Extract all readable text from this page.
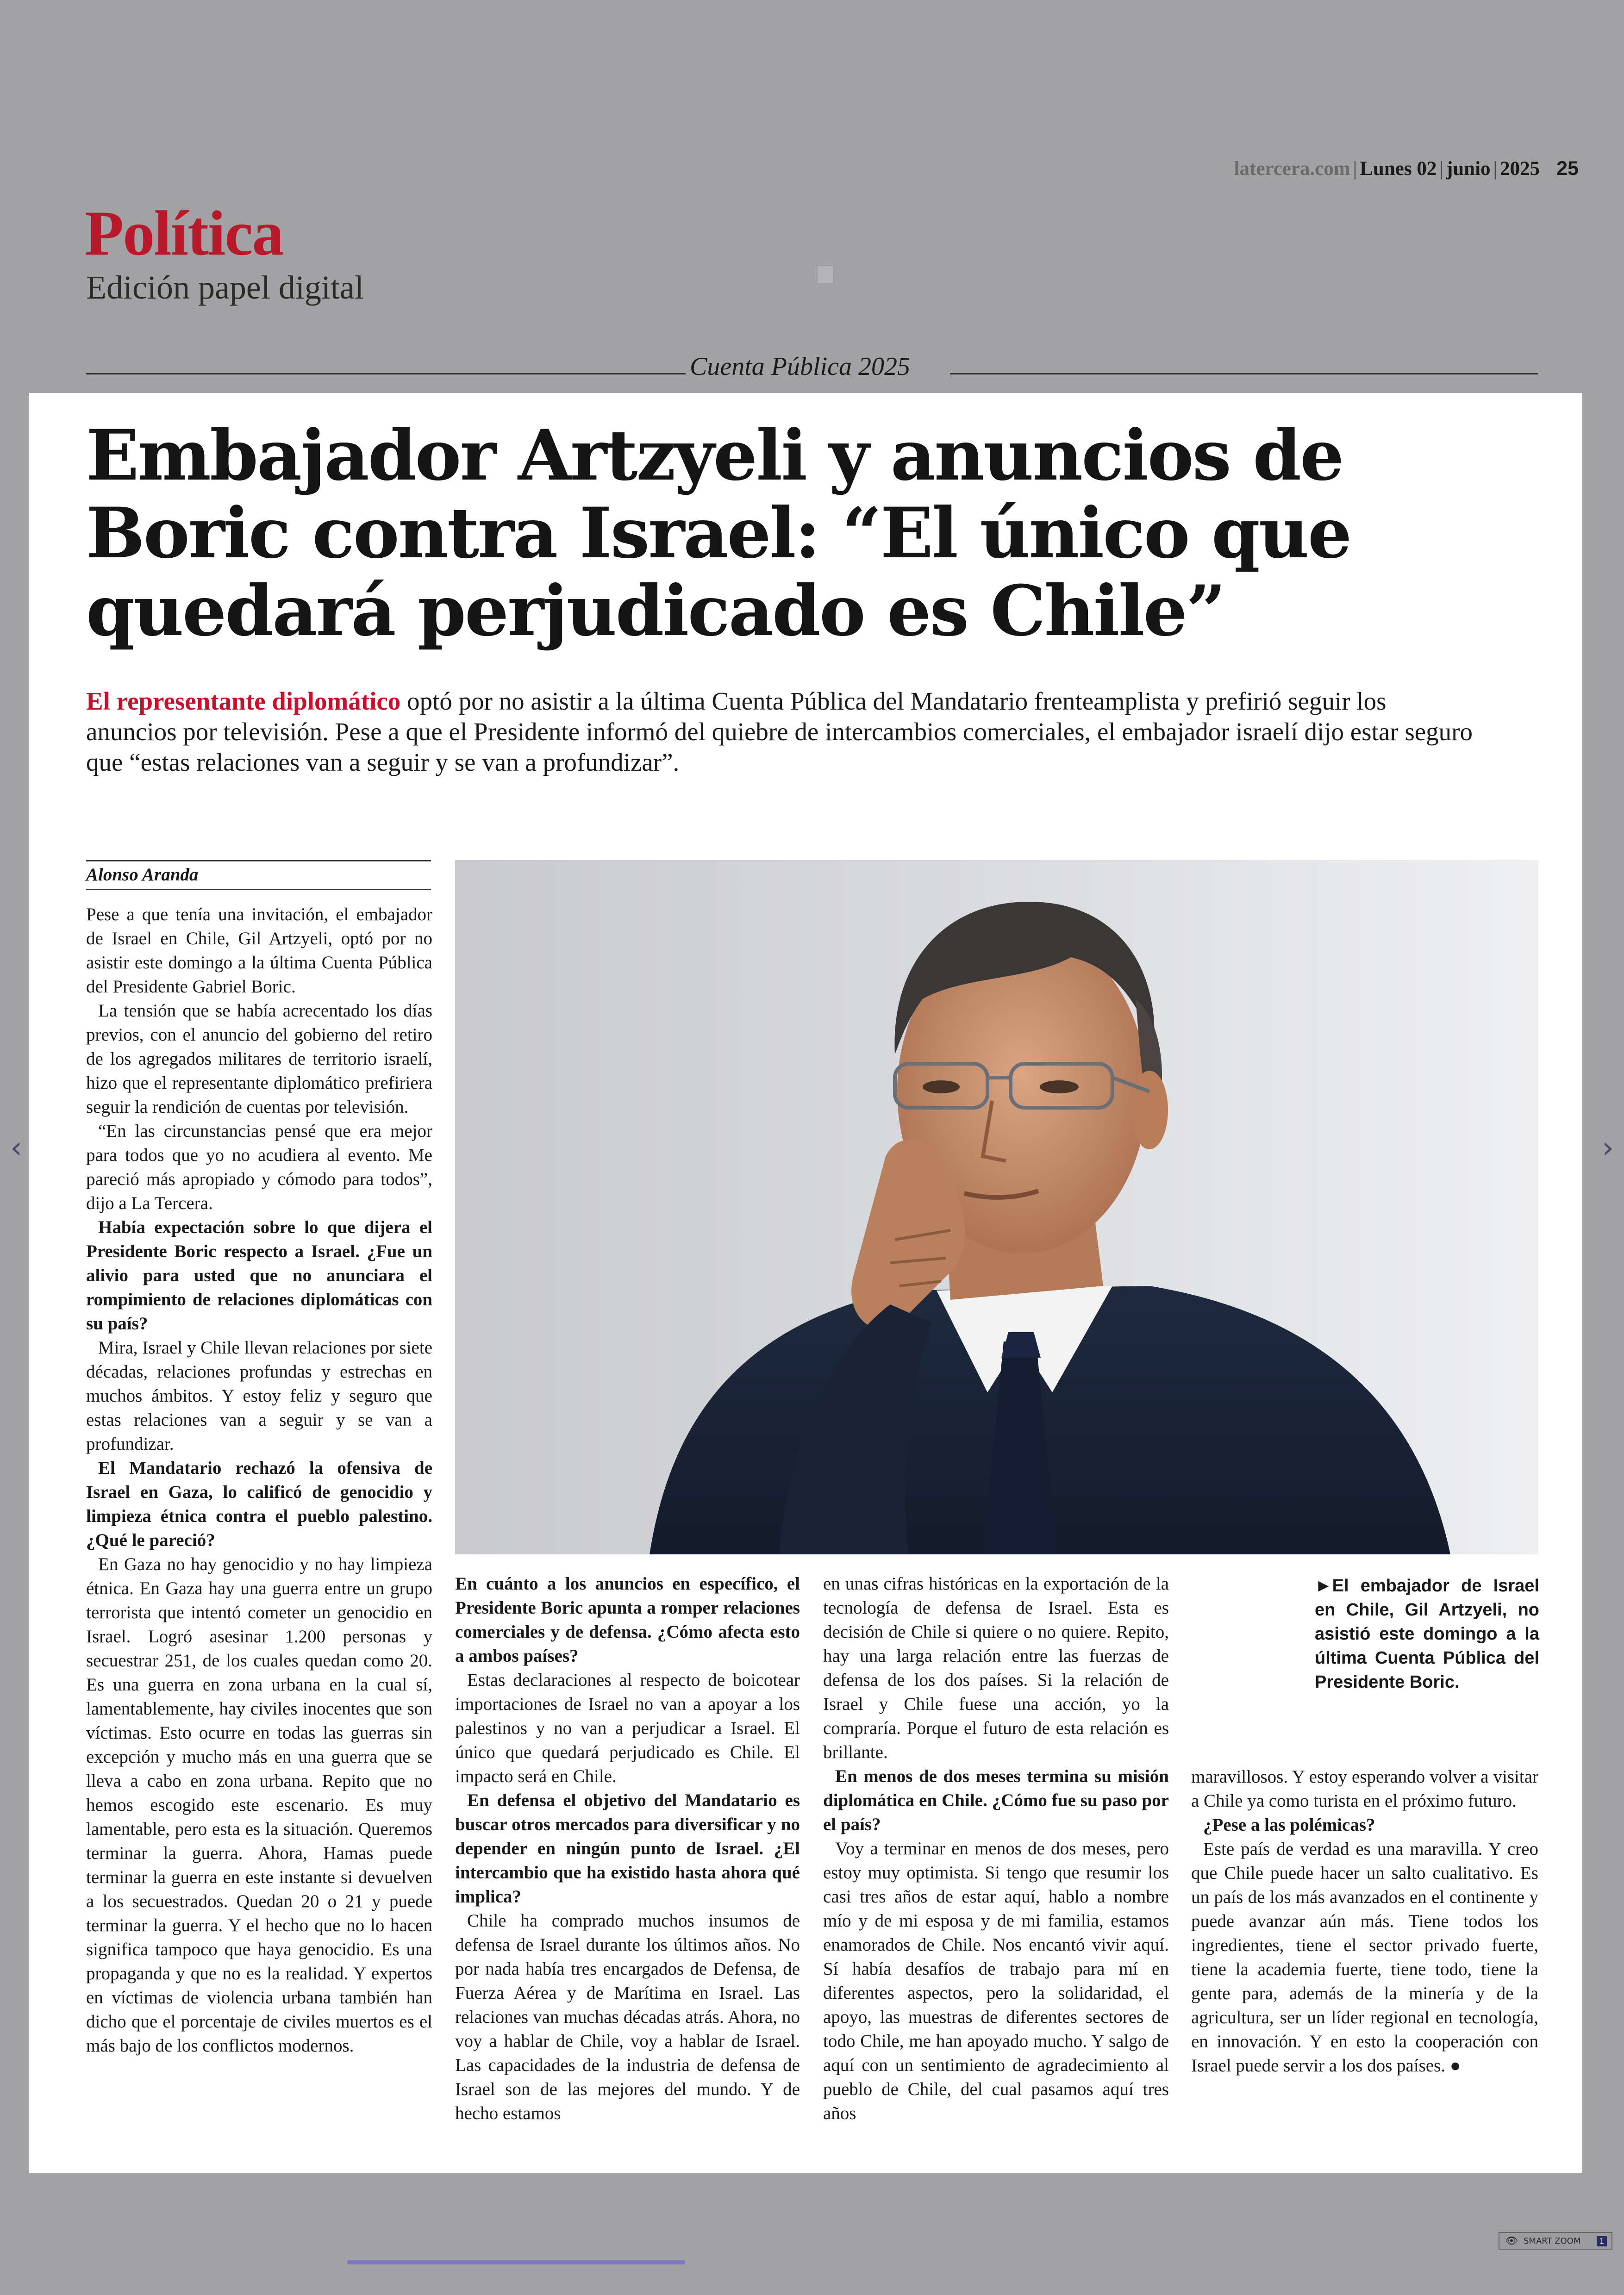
latercera.com | Lunes 02 | junio | 2025 25
Política
Edición papel digital
Cuenta Pública 2025
Embajador Artzyeli y anuncios de Boric contra Israel: “El único que quedará perjudicado es Chile”

El representante diplomático optó por no asistir a la última Cuenta Pública del Mandatario frenteamplista y prefirió seguir los anuncios por televisión. Pese a que el Presidente informó del quiebre de intercambios comerciales, el embajador israelí dijo estar seguro que “estas relaciones van a seguir y se van a profundizar”.

Alonso Aranda

Pese a que tenía una invitación, el embajador de Israel en Chile, Gil Artzyeli, optó por no asistir este domingo a la última Cuenta Pública del Presidente Gabriel Boric.

La tensión que se había acrecentado los días previos, con el anuncio del gobierno del retiro de los agregados militares de territorio israelí, hizo que el representante diplomático prefiriera seguir la rendición de cuentas por televisión.

“En las circunstancias pensé que era mejor para todos que yo no acudiera al evento. Me pareció más apropiado y cómodo para todos”, dijo a La Tercera.

Había expectación sobre lo que dijera el Presidente Boric respecto a Israel. ¿Fue un alivio para usted que no anunciara el rompimiento de relaciones diplomáticas con su país?

Mira, Israel y Chile llevan relaciones por siete décadas, relaciones profundas y estrechas en muchos ámbitos. Y estoy feliz y seguro que estas relaciones van a seguir y se van a profundizar.

El Mandatario rechazó la ofensiva de Israel en Gaza, lo calificó de genocidio y limpieza étnica contra el pueblo palestino. ¿Qué le pareció?

En Gaza no hay genocidio y no hay limpieza étnica. En Gaza hay una guerra entre un grupo terrorista que intentó cometer un genocidio en Israel. Logró asesinar 1.200 personas y secuestrar 251, de los cuales quedan como 20. Es una guerra en zona urbana en la cual sí, lamentablemente, hay civiles inocentes que son víctimas. Esto ocurre en todas las guerras sin excepción y mucho más en una guerra que se lleva a cabo en zona urbana. Repito que no hemos escogido este escenario. Es muy lamentable, pero esta es la situación. Queremos terminar la guerra. Ahora, Hamas puede terminar la guerra en este instante si devuelven a los secuestrados. Quedan 20 o 21 y puede terminar la guerra. Y el hecho que no lo hacen significa tampoco que haya genocidio. Es una propaganda y que no es la realidad. Y expertos en víctimas de violencia urbana también han dicho que el porcentaje de civiles muertos es el más bajo de los conflictos modernos.

En cuánto a los anuncios en específico, el Presidente Boric apunta a romper relaciones comerciales y de defensa. ¿Cómo afecta esto a ambos países?

Estas declaraciones al respecto de boicotear importaciones de Israel no van a apoyar a los palestinos y no van a perjudicar a Israel. El único que quedará perjudicado es Chile. El impacto será en Chile.

En defensa el objetivo del Mandatario es buscar otros mercados para diversificar y no depender en ningún punto de Israel. ¿El intercambio que ha existido hasta ahora qué implica?

Chile ha comprado muchos insumos de defensa de Israel durante los últimos años. No por nada había tres encargados de Defensa, de Fuerza Aérea y de Marítima en Israel. Las relaciones van muchas décadas atrás. Ahora, no voy a hablar de Chile, voy a hablar de Israel. Las capacidades de la industria de defensa de Israel son de las mejores del mundo. Y de hecho estamos

en unas cifras históricas en la exportación de la tecnología de defensa de Israel. Esta es decisión de Chile si quiere o no quiere. Repito, hay una larga relación entre las fuerzas de defensa de los dos países. Si la relación de Israel y Chile fuese una acción, yo la compraría. Porque el futuro de esta relación es brillante.

En menos de dos meses termina su misión diplomática en Chile. ¿Cómo fue su paso por el país?

Voy a terminar en menos de dos meses, pero estoy muy optimista. Si tengo que resumir los casi tres años de estar aquí, hablo a nombre mío y de mi esposa y de mi familia, estamos enamorados de Chile. Nos encantó vivir aquí. Sí había desafíos de trabajo para mí en diferentes aspectos, pero la solidaridad, el apoyo, las muestras de diferentes sectores de todo Chile, me han apoyado mucho. Y salgo de aquí con un sentimiento de agradecimiento al pueblo de Chile, del cual pasamos aquí tres años

maravillosos. Y estoy esperando volver a visitar a Chile ya como turista en el próximo futuro.

¿Pese a las polémicas?

Este país de verdad es una maravilla. Y creo que Chile puede hacer un salto cualitativo. Es un país de los más avanzados en el continente y puede avanzar aún más. Tiene todos los ingredientes, tiene el sector privado fuerte, tiene la academia fuerte, tiene todo, tiene la gente para, además de la minería y de la agricultura, ser un líder regional en tecnología, en innovación. Y en esto la cooperación con Israel puede servir a los dos países. ●

►El embajador de Israel en Chile, Gil Artzyeli, no asistió este domingo a la última Cuenta Pública del Presidente Boric.

‹	›
👁 SMART ZOOM	1
